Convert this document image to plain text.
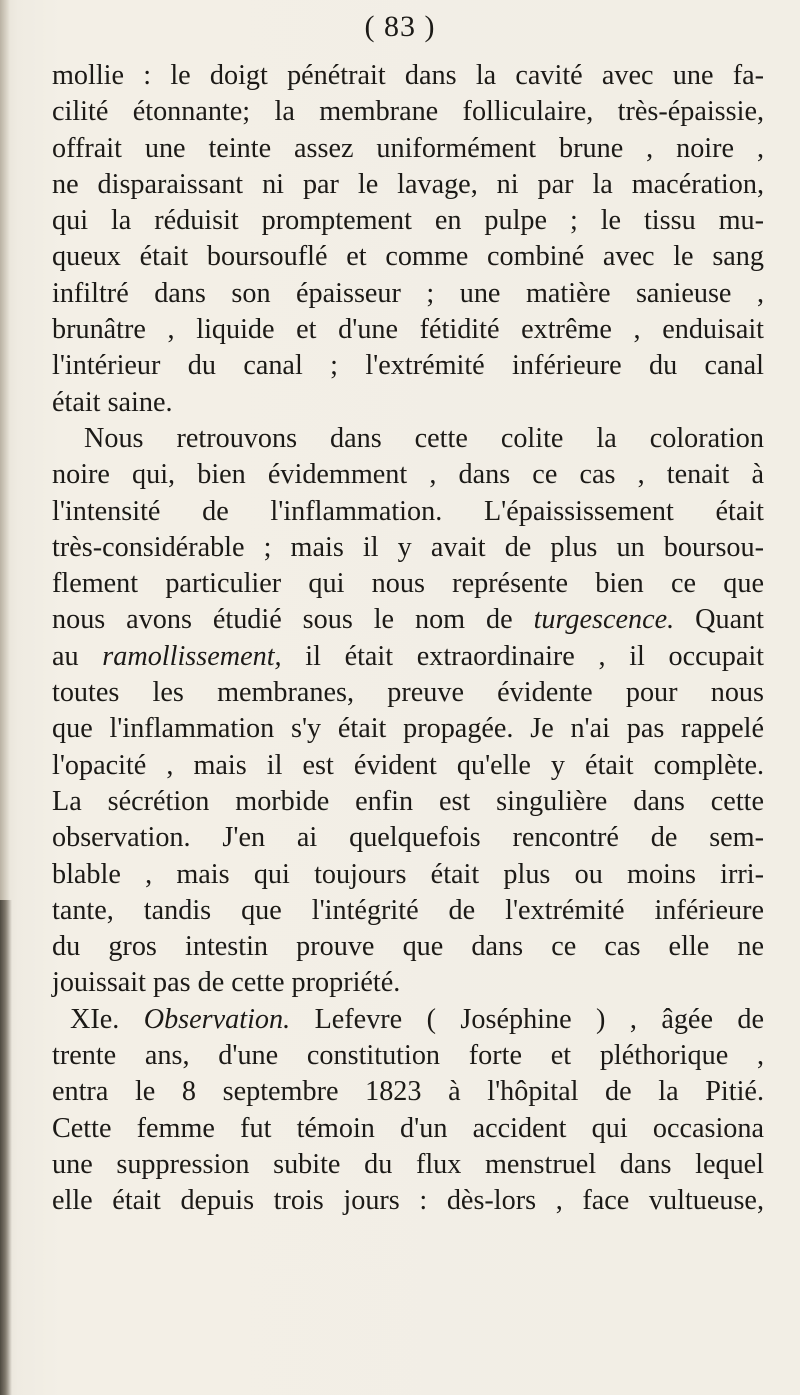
( 83 )
mollie : le doigt pénétrait dans la cavité avec une fa-
cilité étonnante; la membrane folliculaire, très-épaissie,
offrait une teinte assez uniformément brune , noire ,
ne disparaissant ni par le lavage, ni par la macération,
qui la réduisit promptement en pulpe ; le tissu mu-
queux était boursouflé et comme combiné avec le sang
infiltré dans son épaisseur ; une matière sanieuse ,
brunâtre , liquide et d'une fétidité extrême , enduisait
l'intérieur du canal ; l'extrémité inférieure du canal
était saine.
Nous retrouvons dans cette colite la coloration
noire qui, bien évidemment , dans ce cas , tenait à
l'intensité de l'inflammation. L'épaississement était
très-considérable ; mais il y avait de plus un boursou-
flement particulier qui nous représente bien ce que
nous avons étudié sous le nom de turgescence. Quant
au ramollissement, il était extraordinaire , il occupait
toutes les membranes, preuve évidente pour nous
que l'inflammation s'y était propagée. Je n'ai pas rappelé
l'opacité , mais il est évident qu'elle y était complète.
La sécrétion morbide enfin est singulière dans cette
observation. J'en ai quelquefois rencontré de sem-
blable , mais qui toujours était plus ou moins irri-
tante, tandis que l'intégrité de l'extrémité inférieure
du gros intestin prouve que dans ce cas elle ne
jouissait pas de cette propriété.
XIe. Observation. Lefevre ( Joséphine ) , âgée de
trente ans, d'une constitution forte et pléthorique ,
entra le 8 septembre 1823 à l'hôpital de la Pitié.
Cette femme fut témoin d'un accident qui occasiona
une suppression subite du flux menstruel dans lequel
elle était depuis trois jours : dès-lors , face vultueuse,
